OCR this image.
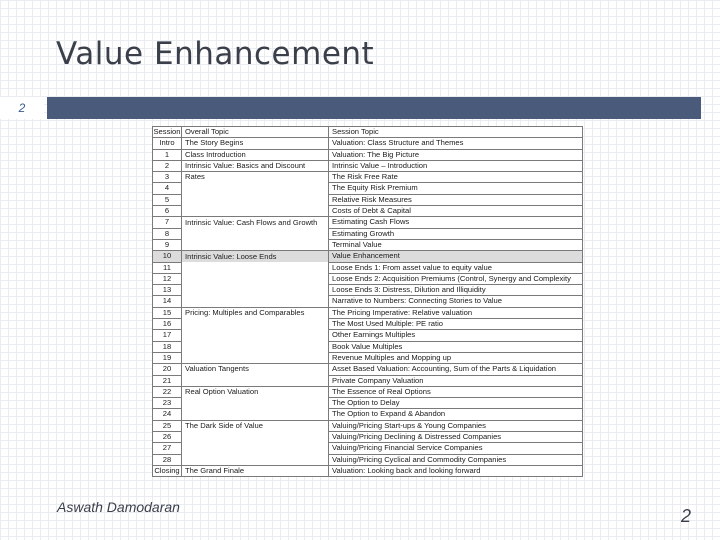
Value Enhancement
2
Session	Overall Topic	Session Topic
Intro	The Story Begins	Valuation: Class Structure and Themes
1	Class Introduction	Valuation: The Big Picture
2	Intrinsic Value: Basics and Discount	Intrinsic Value – Introduction
3	Rates	The Risk Free Rate
4		The Equity Risk Premium
5		Relative Risk Measures
6		Costs of Debt & Capital
7	Intrinsic Value: Cash Flows and Growth	Estimating Cash Flows
8		Estimating Growth
9		Terminal Value
10	Intrinsic Value: Loose Ends	Value Enhancement
11		Loose Ends 1: From asset value to equity value
12		Loose Ends 2: Acquisition Premiums (Control, Synergy and Complexity
13		Loose Ends 3: Distress, Dilution and Illiquidity
14		Narrative to Numbers: Connecting Stories to Value
15	Pricing: Multiples and Comparables	The Pricing Imperative: Relative valuation
16		The Most Used Multiple: PE ratio
17		Other Earnings Multiples
18		Book Value Multiples
19		Revenue Multiples and Mopping up
20	Valuation Tangents	Asset Based Valuation: Accounting, Sum of the Parts & Liquidation
21		Private Company Valuation
22	Real Option Valuation	The Essence of Real Options
23		The Option to Delay
24		The Option to Expand & Abandon
25	The Dark Side of Value	Valuing/Pricing Start-ups & Young Companies
26		Valuing/Pricing Declining & Distressed Companies
27		Valuing/Pricing Financial Service Companies
28		Valuing/Pricing Cyclical and Commodity Companies
Closing	The Grand Finale	Valuation: Looking back and looking forward
Aswath Damodaran	2
